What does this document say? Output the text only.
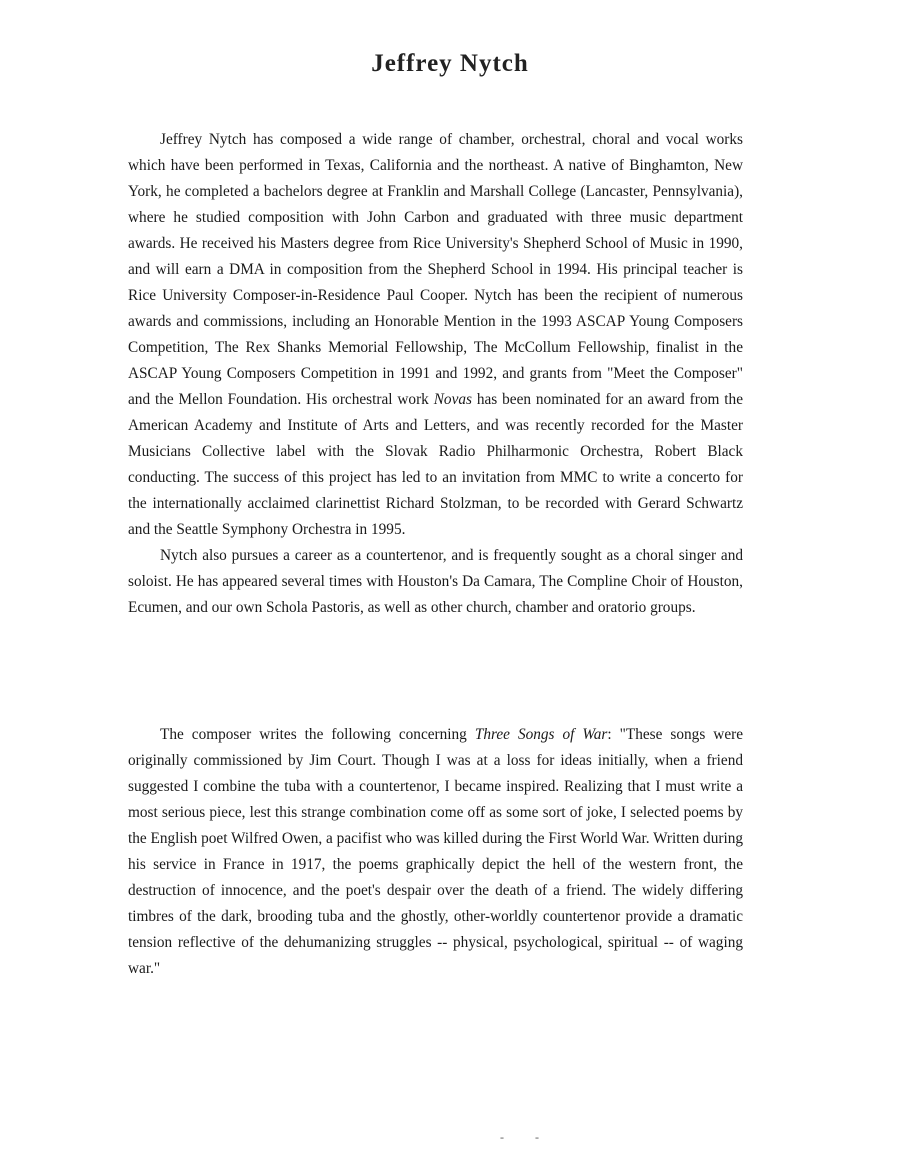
Jeffrey Nytch

Jeffrey Nytch has composed a wide range of chamber, orchestral, choral and vocal works which have been performed in Texas, California and the northeast. A native of Binghamton, New York, he completed a bachelors degree at Franklin and Marshall College (Lancaster, Pennsylvania), where he studied composition with John Carbon and graduated with three music department awards. He received his Masters degree from Rice University's Shepherd School of Music in 1990, and will earn a DMA in composition from the Shepherd School in 1994. His principal teacher is Rice University Composer-in-Residence Paul Cooper. Nytch has been the recipient of numerous awards and commissions, including an Honorable Mention in the 1993 ASCAP Young Composers Competition, The Rex Shanks Memorial Fellowship, The McCollum Fellowship, finalist in the ASCAP Young Composers Competition in 1991 and 1992, and grants from "Meet the Composer" and the Mellon Foundation. His orchestral work Novas has been nominated for an award from the American Academy and Institute of Arts and Letters, and was recently recorded for the Master Musicians Collective label with the Slovak Radio Philharmonic Orchestra, Robert Black conducting. The success of this project has led to an invitation from MMC to write a concerto for the internationally acclaimed clarinettist Richard Stolzman, to be recorded with Gerard Schwartz and the Seattle Symphony Orchestra in 1995.

Nytch also pursues a career as a countertenor, and is frequently sought as a choral singer and soloist. He has appeared several times with Houston's Da Camara, The Compline Choir of Houston, Ecumen, and our own Schola Pastoris, as well as other church, chamber and oratorio groups.

The composer writes the following concerning Three Songs of War: "These songs were originally commissioned by Jim Court. Though I was at a loss for ideas initially, when a friend suggested I combine the tuba with a countertenor, I became inspired. Realizing that I must write a most serious piece, lest this strange combination come off as some sort of joke, I selected poems by the English poet Wilfred Owen, a pacifist who was killed during the First World War. Written during his service in France in 1917, the poems graphically depict the hell of the western front, the destruction of innocence, and the poet's despair over the death of a friend. The widely differing timbres of the dark, brooding tuba and the ghostly, other-worldly countertenor provide a dramatic tension reflective of the dehumanizing struggles -- physical, psychological, spiritual -- of waging war."

- -
